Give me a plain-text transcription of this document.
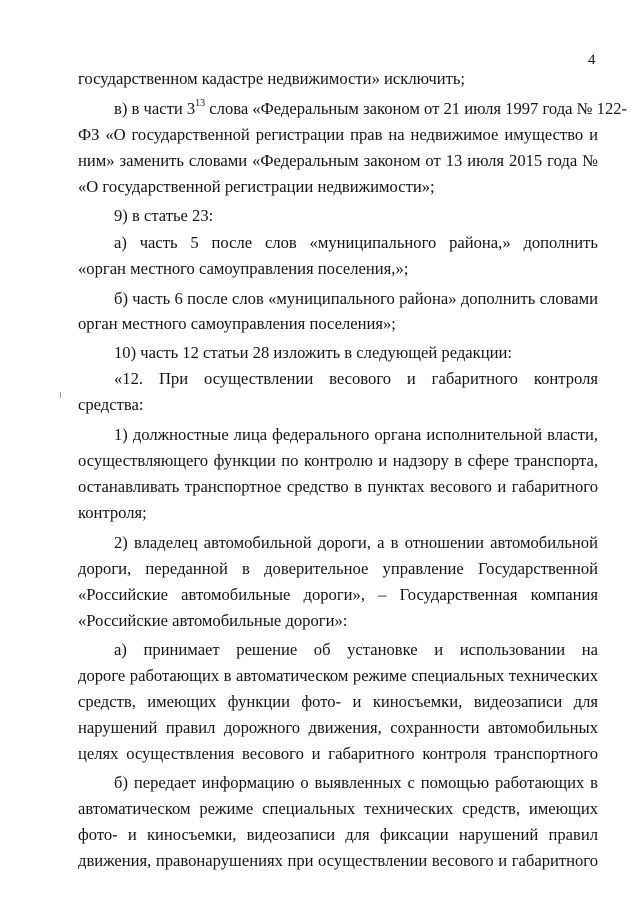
4
государственном кадастре недвижимости» исключить;
в) в части $3^{13}$ слова «Федеральным законом от 21 июля 1997 года № 122-
ФЗ «О государственной регистрации прав на недвижимое имущество и
ним» заменить словами «Федеральным законом от 13 июля 2015 года №
«О государственной регистрации недвижимости»;
9) в статье 23:
а) часть 5 после слов «муниципального района,» дополнить
«орган местного самоуправления поселения,»;
б) часть 6 после слов «муниципального района» дополнить словами
орган местного самоуправления поселения»;
10) часть 12 статьи 28 изложить в следующей редакции:
«12. При осуществлении весового и габаритного контроля
средства:
1) должностные лица федерального органа исполнительной власти,
осуществляющего функции по контролю и надзору в сфере транспорта,
останавливать транспортное средство в пунктах весового и габаритного
контроля;
2) владелец автомобильной дороги, а в отношении автомобильной
дороги, переданной в доверительное управление Государственной
«Российские автомобильные дороги», – Государственная компания
«Российские автомобильные дороги»:
а) принимает решение об установке и использовании на
дороге работающих в автоматическом режиме специальных технических
средств, имеющих функции фото- и киносъемки, видеозаписи для
нарушений правил дорожного движения, сохранности автомобильных
целях осуществления весового и габаритного контроля транспортного
б) передает информацию о выявленных с помощью работающих в
автоматическом режиме специальных технических средств, имеющих
фото- и киносъемки, видеозаписи для фиксации нарушений правил
движения, правонарушениях при осуществлении весового и габаритного
